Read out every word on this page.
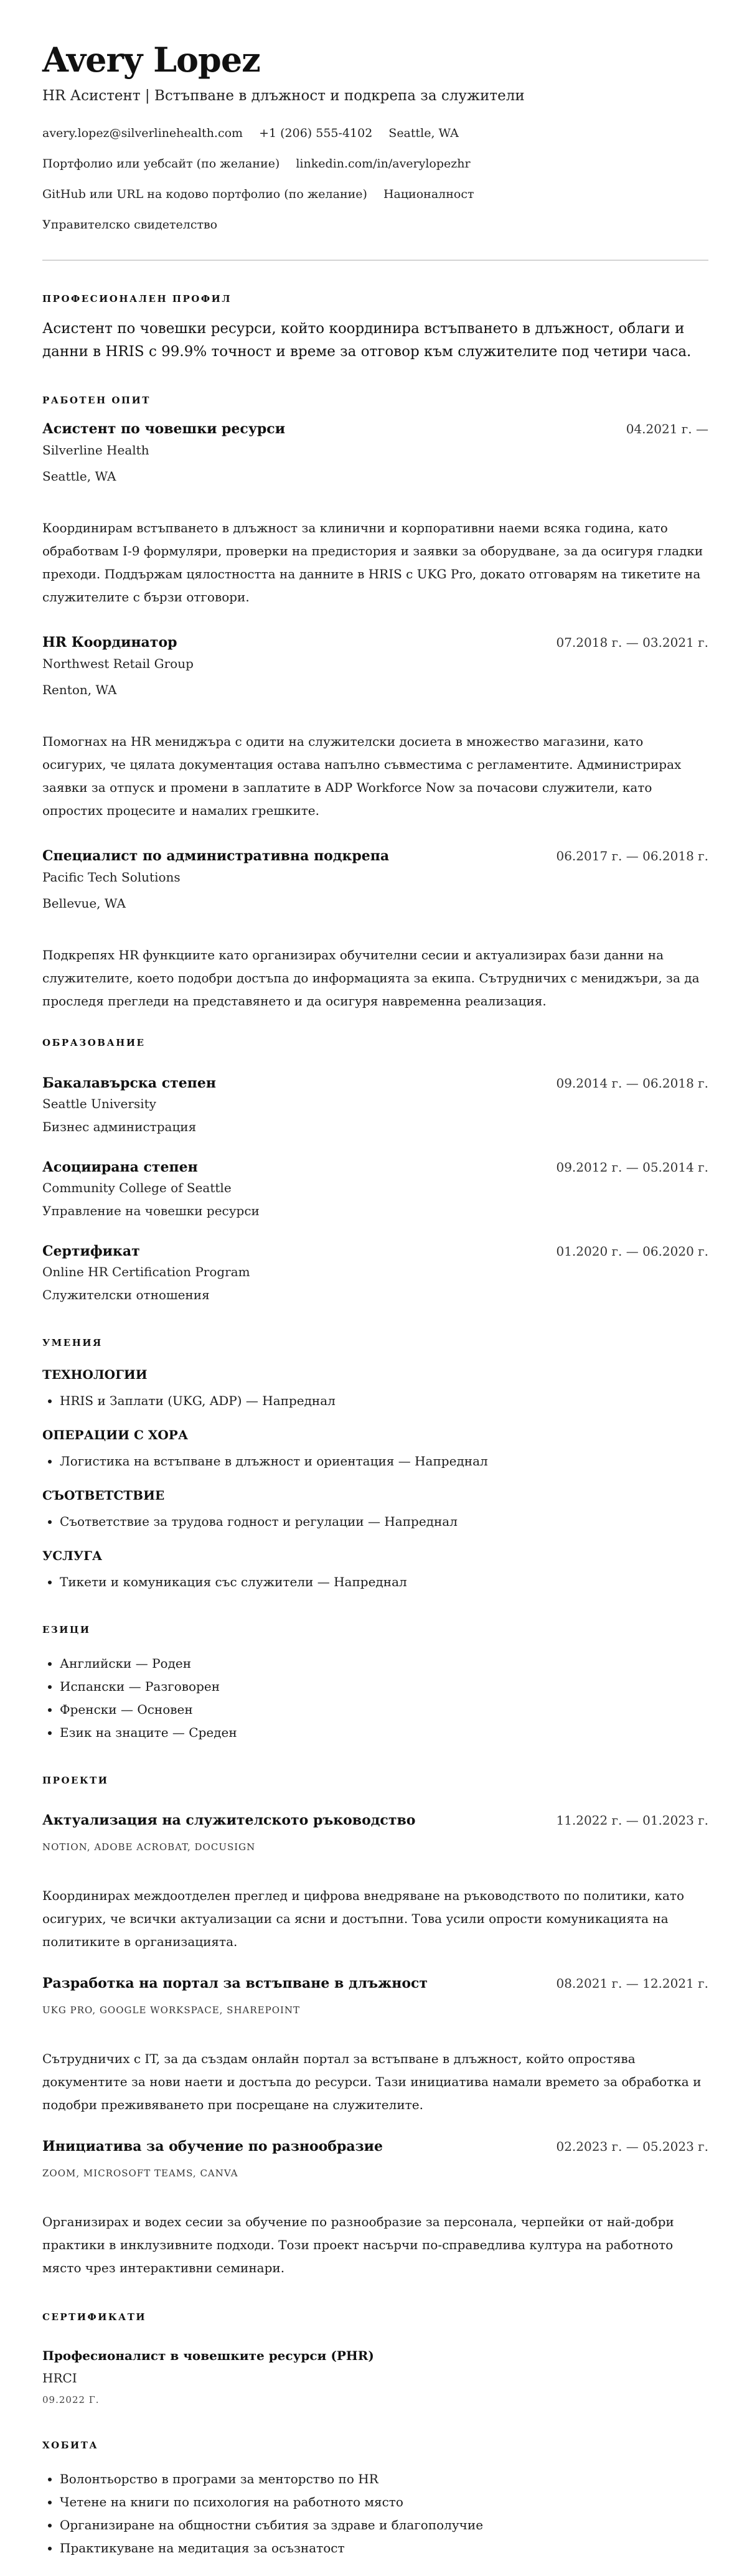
Avery Lopez
HR Асистент | Встъпване в длъжност и подкрепа за служители
avery.lopez@silverlinehealth.com +1 (206) 555-4102 Seattle, WA
Портфолио или уебсайт (по желание) linkedin.com/in/averylopezhr
GitHub или URL на кодово портфолио (по желание) Националност
Управителско свидетелство
ПРОФЕСИОНАЛЕН ПРОФИЛ
Асистент по човешки ресурси, който координира встъпването в длъжност, облаги и данни в HRIS с 99.9% точност и време за отговор към служителите под четири часа.
РАБОТЕН ОПИТ
Асистент по човешки ресурси	04.2021 г. —
Silverline Health
Seattle, WA
Координирам встъпването в длъжност за клинични и корпоративни наеми всяка година, като обработвам I-9 формуляри, проверки на предистория и заявки за оборудване, за да осигуря гладки преходи. Поддържам цялостността на данните в HRIS с UKG Pro, докато отговарям на тикетите на служителите с бързи отговори.
HR Координатор	07.2018 г. — 03.2021 г.
Northwest Retail Group
Renton, WA
Помогнах на HR мениджъра с одити на служителски досиета в множество магазини, като осигурих, че цялата документация остава напълно съвместима с регламентите. Администрирах заявки за отпуск и промени в заплатите в ADP Workforce Now за почасови служители, като опростих процесите и намалих грешките.
Специалист по административна подкрепа	06.2017 г. — 06.2018 г.
Pacific Tech Solutions
Bellevue, WA
Подкрепях HR функциите като организирах обучителни сесии и актуализирах бази данни на служителите, което подобри достъпа до информацията за екипа. Сътрудничих с мениджъри, за да проследя прегледи на представянето и да осигуря навременна реализация.
ОБРАЗОВАНИЕ
Бакалавърска степен	09.2014 г. — 06.2018 г.
Seattle University
Бизнес администрация
Асоциирана степен	09.2012 г. — 05.2014 г.
Community College of Seattle
Управление на човешки ресурси
Сертификат	01.2020 г. — 06.2020 г.
Online HR Certification Program
Служителски отношения
УМЕНИЯ
ТЕХНОЛОГИИ
• HRIS и Заплати (UKG, ADP) — Напреднал
ОПЕРАЦИИ С ХОРА
• Логистика на встъпване в длъжност и ориентация — Напреднал
СЪОТВЕТСТВИЕ
• Съответствие за трудова годност и регулации — Напреднал
УСЛУГА
• Тикети и комуникация със служители — Напреднал
ЕЗИЦИ
• Английски — Роден
• Испански — Разговорен
• Френски — Основен
• Език на знаците — Среден
ПРОЕКТИ
Актуализация на служителското ръководство	11.2022 г. — 01.2023 г.
NOTION, ADOBE ACROBAT, DOCUSIGN
Координирах междоотделен преглед и цифрова внедряване на ръководството по политики, като осигурих, че всички актуализации са ясни и достъпни. Това усили опрости комуникацията на политиките в организацията.
Разработка на портал за встъпване в длъжност	08.2021 г. — 12.2021 г.
UKG PRO, GOOGLE WORKSPACE, SHAREPOINT
Сътрудничих с IT, за да създам онлайн портал за встъпване в длъжност, който опростява документите за нови наети и достъпа до ресурси. Тази инициатива намали времето за обработка и подобри преживяването при посрещане на служителите.
Инициатива за обучение по разнообразие	02.2023 г. — 05.2023 г.
ZOOM, MICROSOFT TEAMS, CANVA
Организирах и водех сесии за обучение по разнообразие за персонала, черпейки от най-добри практики в инклузивните подходи. Този проект насърчи по-справедлива култура на работното място чрез интерактивни семинари.
СЕРТИФИКАТИ
Професионалист в човешките ресурси (PHR)
HRCI
09.2022 Г.
ХОБИТА
• Волонтьорство в програми за менторство по HR
• Четене на книги по психология на работното място
• Организиране на общностни събития за здраве и благополучие
• Практикуване на медитация за осъзнатост
